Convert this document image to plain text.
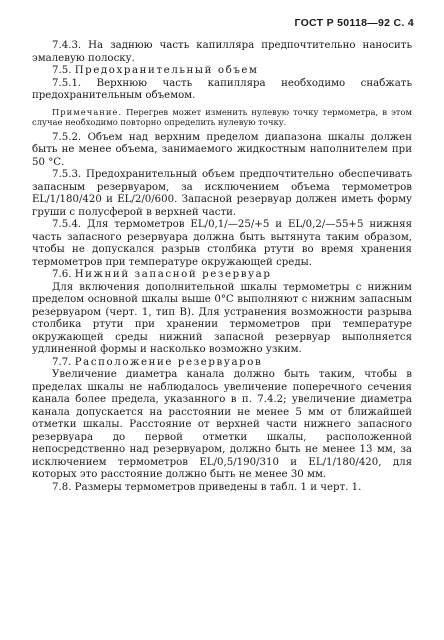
ГОСТ Р 50118—92 С. 4

7.4.3. На заднюю часть капилляра предпочтительно наносить эмалевую полоску.

7.5. Предохранительный объем

7.5.1. Верхнюю часть капилляра необходимо снабжать предохранительным объемом.

Примечание. Перегрев может изменить нулевую точку термометра, в этом случае необходимо повторно определить нулевую точку.

7.5.2. Объем над верхним пределом диапазона шкалы должен быть не менее объема, занимаемого жидкостным наполнителем при 50 °С.

7.5.3. Предохранительный объем предпочтительно обеспечивать запасным резервуаром, за исключением объема термометров EL/1/180/420 и EL/2/0/600. Запасной резервуар должен иметь форму груши с полусферой в верхней части.

7.5.4. Для термометров EL/0,1/—25/+5 и EL/0,2/—55+5 нижняя часть запасного резервуара должна быть вытянута таким образом, чтобы не допускался разрыв столбика ртути во время хранения термометров при температуре окружающей среды.

7.6. Нижний запасной резервуар

Для включения дополнительной шкалы термометры с нижним пределом основной шкалы выше 0°С выполняют с нижним запасным резервуаром (черт. 1, тип В). Для устранения возможности разрыва столбика ртути при хранении термометров при температуре окружающей среды нижний запасной резервуар выполняется удлиненной формы и насколько возможно узким.

7.7. Расположение резервуаров

Увеличение диаметра канала должно быть таким, чтобы в пределах шкалы не наблюдалось увеличение поперечного сечения канала более предела, указанного в п. 7.4.2; увеличение диаметра канала допускается на расстоянии не менее 5 мм от ближайшей отметки шкалы. Расстояние от верхней части нижнего запасного резервуара до первой отметки шкалы, расположенной непосредственно над резервуаром, должно быть не менее 13 мм, за исключением термометров EL/0,5/190/310 и EL/1/180/420, для которых это расстояние должно быть не менее 30 мм.

7.8. Размеры термометров приведены в табл. 1 и черт. 1.
